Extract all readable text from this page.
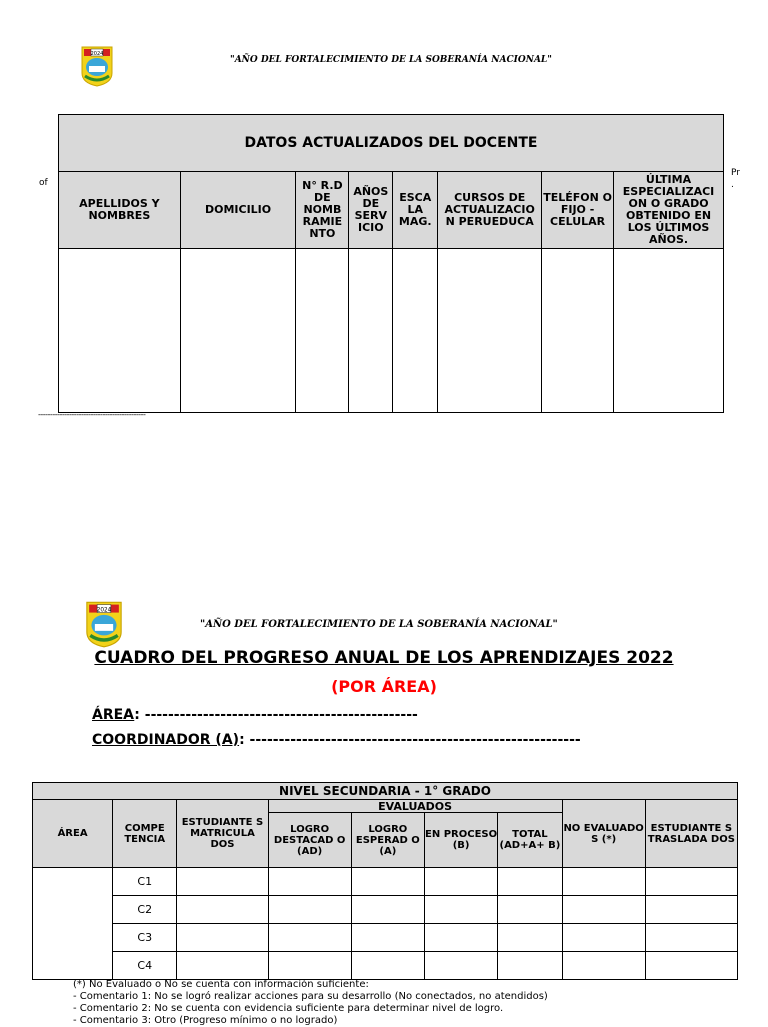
2024
"AÑO DEL FORTALECIMIENTO DE LA SOBERANÍA NACIONAL"
of
Pr
.
DATOS ACTUALIZADOS DEL DOCENTE							
APELLIDOS Y NOMBRES	DOMICILIO	N° R.D DE NOMB RAMIE NTO	AÑOS DE SERV ICIO	ESCA LA MAG.	CURSOS DE ACTUALIZACIO N PERUEDUCA	TELÉFON O FIJO - CELULAR	ÚLTIMA ESPECIALIZACI ON O GRADO OBTENIDO EN LOS ÚLTIMOS AÑOS.

---------------------------------------------
2024
"AÑO DEL FORTALECIMIENTO DE LA SOBERANÍA NACIONAL"
CUADRO DEL PROGRESO ANUAL DE LOS APRENDIZAJES 2022
(POR ÁREA)
ÁREA: -----------------------------------------------
COORDINADOR (A): ---------------------------------------------------------
NIVEL SECUNDARIA - 1° GRADO								
ÁREA	COMPE TENCIA	ESTUDIANTE S MATRICULA DOS	EVALUADOS				NO EVALUADO S (*)	ESTUDIANTE S TRASLADA DOS
			LOGRO DESTACAD O (AD)	LOGRO ESPERAD O (A)	EN PROCESO (B)	TOTAL (AD+A+ B)		
	C1							
	C2							
	C3							
	C4							
(*) No Evaluado o No se cuenta con información suficiente:
- Comentario 1: No se logró realizar acciones para su desarrollo (No conectados, no atendidos)
- Comentario 2: No se cuenta con evidencia suficiente para determinar nivel de logro.
- Comentario 3: Otro (Progreso mínimo o no logrado)
